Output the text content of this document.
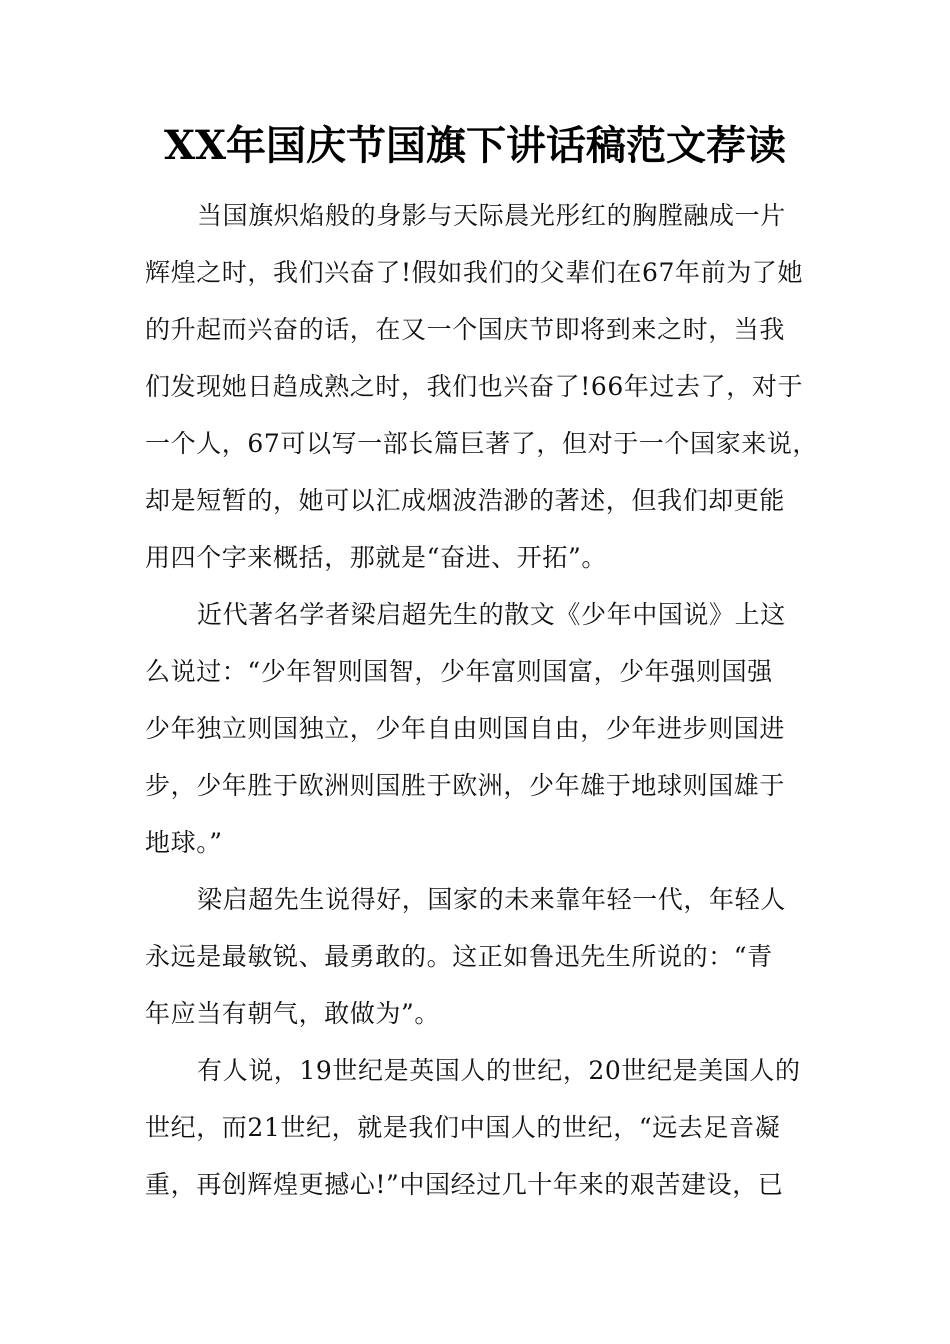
XX年国庆节国旗下讲话稿范文荐读
当国旗炽焰般的身影与天际晨光彤红的胸膛融成一片
辉煌之时，我们兴奋了!假如我们的父辈们在67年前为了她
的升起而兴奋的话，在又一个国庆节即将到来之时，当我
们发现她日趋成熟之时，我们也兴奋了!66年过去了，对于
一个人，67可以写一部长篇巨著了，但对于一个国家来说，
却是短暂的，她可以汇成烟波浩渺的著述，但我们却更能
用四个字来概括，那就是“奋进、开拓”。
近代著名学者梁启超先生的散文《少年中国说》上这
么说过：“少年智则国智，少年富则国富，少年强则国强
少年独立则国独立，少年自由则国自由，少年进步则国进
步，少年胜于欧洲则国胜于欧洲，少年雄于地球则国雄于
地球。”
梁启超先生说得好，国家的未来靠年轻一代，年轻人
永远是最敏锐、最勇敢的。这正如鲁迅先生所说的：“青
年应当有朝气，敢做为”。
有人说，19世纪是英国人的世纪，20世纪是美国人的
世纪，而21世纪，就是我们中国人的世纪，“远去足音凝
重，再创辉煌更撼心!”中国经过几十年来的艰苦建设，已
